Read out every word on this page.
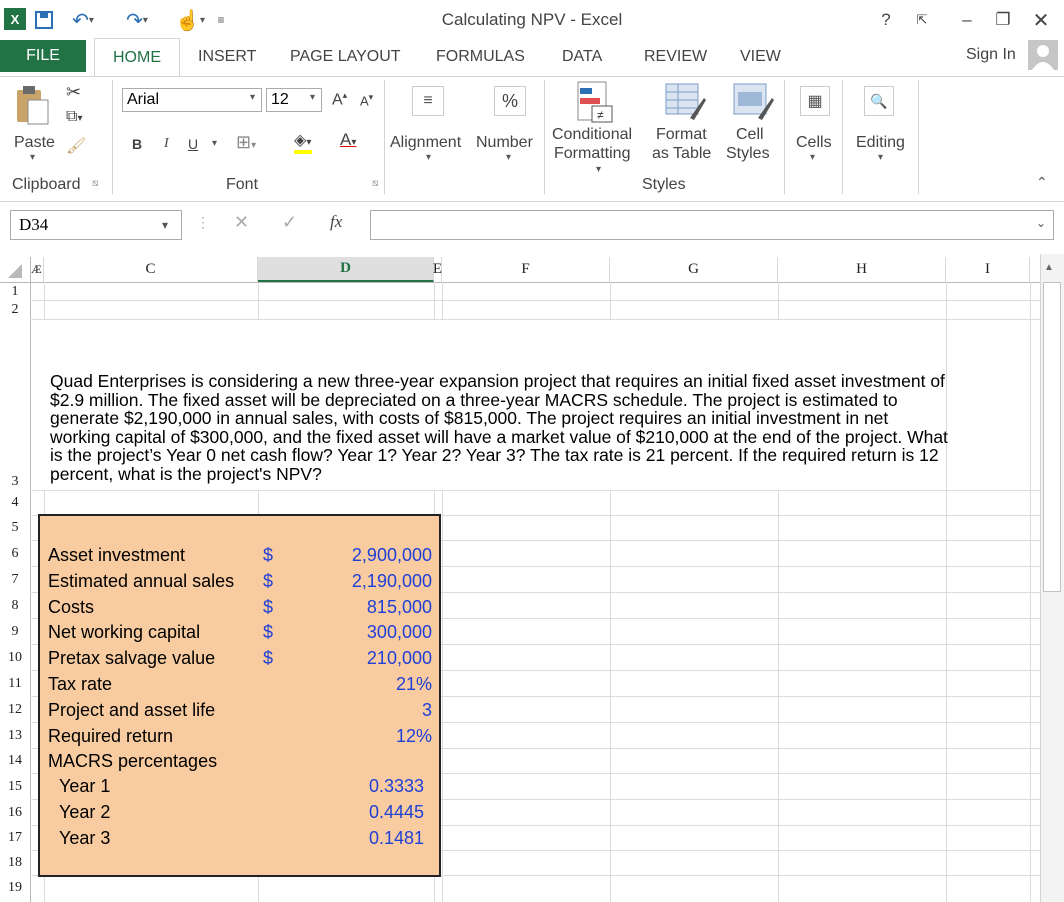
X	↶ ▾	↷ ▾ ☝ ▾ ≡	Calculating NPV - Excel	?	⇱	–	❐	✕
FILE	HOME	INSERT PAGE LAYOUT FORMULAS DATA	REVIEW VIEW	Sign In
Paste
▾
✂
⧉▾
🖌
Arial	▾ 12	▾ A▴ A▾
B I U ▾ ⊞▾ ◈▾ A▾
Clipboard ⧅	Font	⧅
≡
Alignment
▾
%
Number
▾
≠
Conditional
Formatting
▾
Format
as Table
Cell
Styles
Styles
▦
Cells
▾
🔍
Editing
▾
⌃
D34	▾ ⋮ ✕ ✓ fx	⌄
Æ	C	D	E	F	G	H	I
1
2
3
4
5
6
7
8
9
10
11
12
13
14
15
16
17
18
19
Quad Enterprises is considering a new three-year expansion project that requires an initial fixed asset investment of $2.9 million. The fixed asset will be depreciated on a three-year MACRS schedule. The project is estimated to generate $2,190,000 in annual sales, with costs of $815,000. The project requires an initial investment in net working capital of $300,000, and the fixed asset will have a market value of $210,000 at the end of the project. What is the project’s Year 0 net cash flow? Year 1? Year 2? Year 3? The tax rate is 21 percent. If the required return is 12 percent, what is the project's NPV?
Asset investment	$	2,900,000
Estimated annual sales $	2,190,000
Costs	$	815,000
Net working capital	$	300,000
Pretax salvage value	$	210,000
Tax rate	21%
Project and asset life	3
Required return	12%
MACRS percentages
Year 1	0.3333
Year 2	0.4445
Year 3	0.1481
▲
